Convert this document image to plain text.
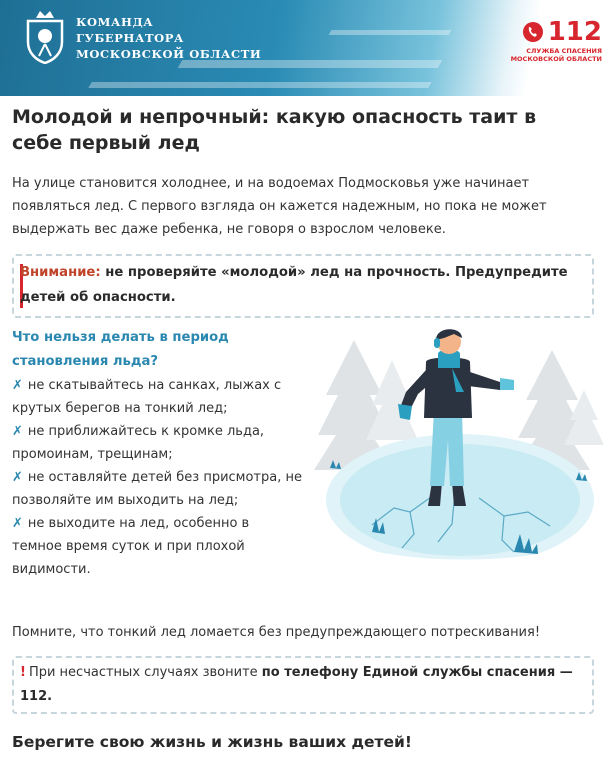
КОМАНДА
ГУБЕРНАТОРА
МОСКОВСКОЙ ОБЛАСТИ
112
СЛУЖБА СПАСЕНИЯ
МОСКОВСКОЙ ОБЛАСТИ
Молодой и непрочный: какую опасность таит в себе первый лед

На улице становится холоднее, и на водоемах Подмосковья уже начинает появляться лед. С первого взгляда он кажется надежным, но пока не может выдержать вес даже ребенка, не говоря о взрослом человеке.

Внимание: не проверяйте «молодой» лед на прочность. Предупредите детей об опасности.

Что нельзя делать в период становления льда?
✗ не скатывайтесь на санках, лыжах с крутых берегов на тонкий лед;
✗ не приближайтесь к кромке льда, промоинам, трещинам;
✗ не оставляйте детей без присмотра, не позволяйте им выходить на лед;
✗ не выходите на лед, особенно в темное время суток и при плохой видимости.

Помните, что тонкий лед ломается без предупреждающего потрескивания!

! При несчастных случаях звоните по телефону Единой службы спасения — 112.

Берегите свою жизнь и жизнь ваших детей!
